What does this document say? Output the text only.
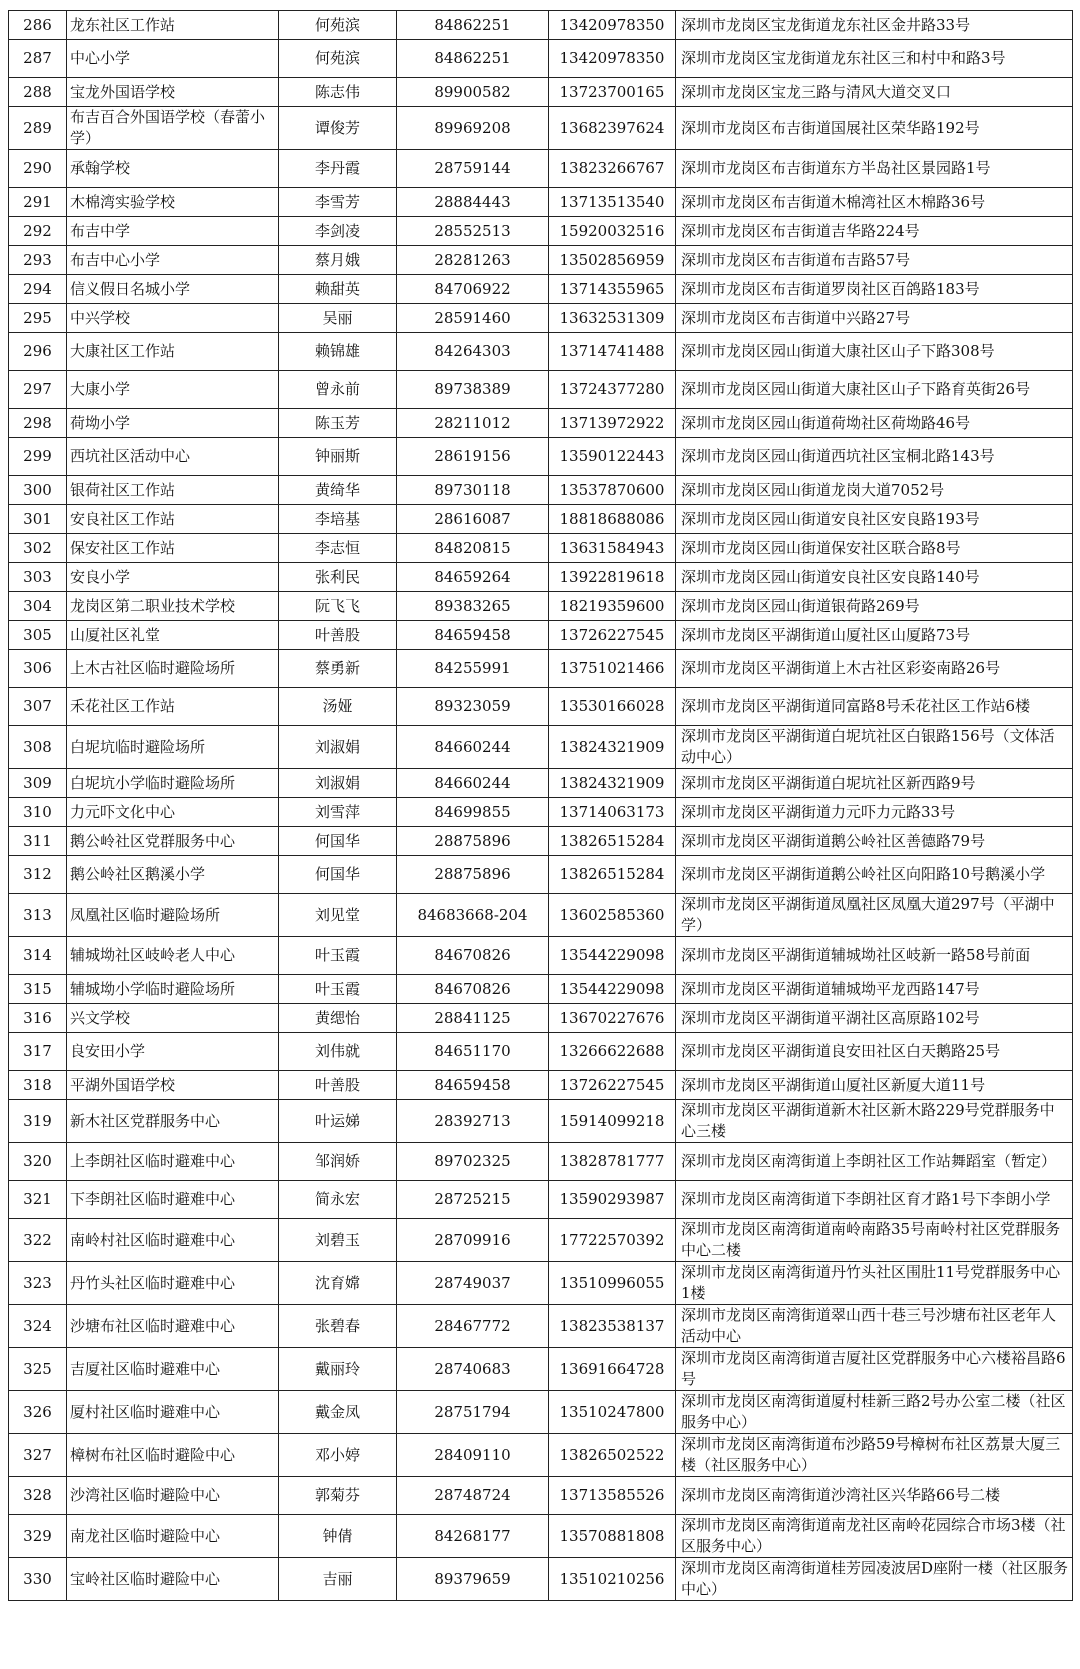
286	龙东社区工作站	何苑滨	84862251	13420978350	深圳市龙岗区宝龙街道龙东社区金井路33号
287	中心小学	何苑滨	84862251	13420978350	深圳市龙岗区宝龙街道龙东社区三和村中和路3号
288	宝龙外国语学校	陈志伟	89900582	13723700165	深圳市龙岗区宝龙三路与清风大道交叉口
289	布吉百合外国语学校（春蕾小学）	谭俊芳	89969208	13682397624	深圳市龙岗区布吉街道国展社区荣华路192号
290	承翰学校	李丹霞	28759144	13823266767	深圳市龙岗区布吉街道东方半岛社区景园路1号
291	木棉湾实验学校	李雪芳	28884443	13713513540	深圳市龙岗区布吉街道木棉湾社区木棉路36号
292	布吉中学	李剑凌	28552513	15920032516	深圳市龙岗区布吉街道吉华路224号
293	布吉中心小学	蔡月娥	28281263	13502856959	深圳市龙岗区布吉街道布吉路57号
294	信义假日名城小学	赖甜英	84706922	13714355965	深圳市龙岗区布吉街道罗岗社区百鸽路183号
295	中兴学校	吴丽	28591460	13632531309	深圳市龙岗区布吉街道中兴路27号
296	大康社区工作站	赖锦雄	84264303	13714741488	深圳市龙岗区园山街道大康社区山子下路308号
297	大康小学	曾永前	89738389	13724377280	深圳市龙岗区园山街道大康社区山子下路育英街26号
298	荷坳小学	陈玉芳	28211012	13713972922	深圳市龙岗区园山街道荷坳社区荷坳路46号
299	西坑社区活动中心	钟丽斯	28619156	13590122443	深圳市龙岗区园山街道西坑社区宝桐北路143号
300	银荷社区工作站	黄绮华	89730118	13537870600	深圳市龙岗区园山街道龙岗大道7052号
301	安良社区工作站	李培基	28616087	18818688086	深圳市龙岗区园山街道安良社区安良路193号
302	保安社区工作站	李志恒	84820815	13631584943	深圳市龙岗区园山街道保安社区联合路8号
303	安良小学	张利民	84659264	13922819618	深圳市龙岗区园山街道安良社区安良路140号
304	龙岗区第二职业技术学校	阮飞飞	89383265	18219359600	深圳市龙岗区园山街道银荷路269号
305	山厦社区礼堂	叶善股	84659458	13726227545	深圳市龙岗区平湖街道山厦社区山厦路73号
306	上木古社区临时避险场所	蔡勇新	84255991	13751021466	深圳市龙岗区平湖街道上木古社区彩姿南路26号
307	禾花社区工作站	汤娅	89323059	13530166028	深圳市龙岗区平湖街道同富路8号禾花社区工作站6楼
308	白坭坑临时避险场所	刘淑娟	84660244	13824321909	深圳市龙岗区平湖街道白坭坑社区白银路156号（文体活动中心）
309	白坭坑小学临时避险场所	刘淑娟	84660244	13824321909	深圳市龙岗区平湖街道白坭坑社区新西路9号
310	力元吓文化中心	刘雪萍	84699855	13714063173	深圳市龙岗区平湖街道力元吓力元路33号
311	鹅公岭社区党群服务中心	何国华	28875896	13826515284	深圳市龙岗区平湖街道鹅公岭社区善德路79号
312	鹅公岭社区鹅溪小学	何国华	28875896	13826515284	深圳市龙岗区平湖街道鹅公岭社区向阳路10号鹅溪小学
313	凤凰社区临时避险场所	刘见堂	84683668-204	13602585360	深圳市龙岗区平湖街道凤凰社区凤凰大道297号（平湖中学）
314	辅城坳社区岐岭老人中心	叶玉霞	84670826	13544229098	深圳市龙岗区平湖街道辅城坳社区岐新一路58号前面
315	辅城坳小学临时避险场所	叶玉霞	84670826	13544229098	深圳市龙岗区平湖街道辅城坳平龙西路147号
316	兴文学校	黄缌怡	28841125	13670227676	深圳市龙岗区平湖街道平湖社区高原路102号
317	良安田小学	刘伟就	84651170	13266622688	深圳市龙岗区平湖街道良安田社区白天鹅路25号
318	平湖外国语学校	叶善股	84659458	13726227545	深圳市龙岗区平湖街道山厦社区新厦大道11号
319	新木社区党群服务中心	叶运娣	28392713	15914099218	深圳市龙岗区平湖街道新木社区新木路229号党群服务中心三楼
320	上李朗社区临时避难中心	邹润娇	89702325	13828781777	深圳市龙岗区南湾街道上李朗社区工作站舞蹈室（暂定）
321	下李朗社区临时避难中心	简永宏	28725215	13590293987	深圳市龙岗区南湾街道下李朗社区育才路1号下李朗小学
322	南岭村社区临时避难中心	刘碧玉	28709916	17722570392	深圳市龙岗区南湾街道南岭南路35号南岭村社区党群服务中心二楼
323	丹竹头社区临时避难中心	沈育嫦	28749037	13510996055	深圳市龙岗区南湾街道丹竹头社区围肚11号党群服务中心1楼
324	沙塘布社区临时避难中心	张碧春	28467772	13823538137	深圳市龙岗区南湾街道翠山西十巷三号沙塘布社区老年人活动中心
325	吉厦社区临时避难中心	戴丽玲	28740683	13691664728	深圳市龙岗区南湾街道吉厦社区党群服务中心六楼裕昌路6号
326	厦村社区临时避难中心	戴金凤	28751794	13510247800	深圳市龙岗区南湾街道厦村桂新三路2号办公室二楼（社区服务中心）
327	樟树布社区临时避险中心	邓小婷	28409110	13826502522	深圳市龙岗区南湾街道布沙路59号樟树布社区荔景大厦三楼（社区服务中心）
328	沙湾社区临时避险中心	郭菊芬	28748724	13713585526	深圳市龙岗区南湾街道沙湾社区兴华路66号二楼
329	南龙社区临时避险中心	钟倩	84268177	13570881808	深圳市龙岗区南湾街道南龙社区南岭花园综合市场3楼（社区服务中心）
330	宝岭社区临时避险中心	吉丽	89379659	13510210256	深圳市龙岗区南湾街道桂芳园凌波居D座附一楼（社区服务中心）
